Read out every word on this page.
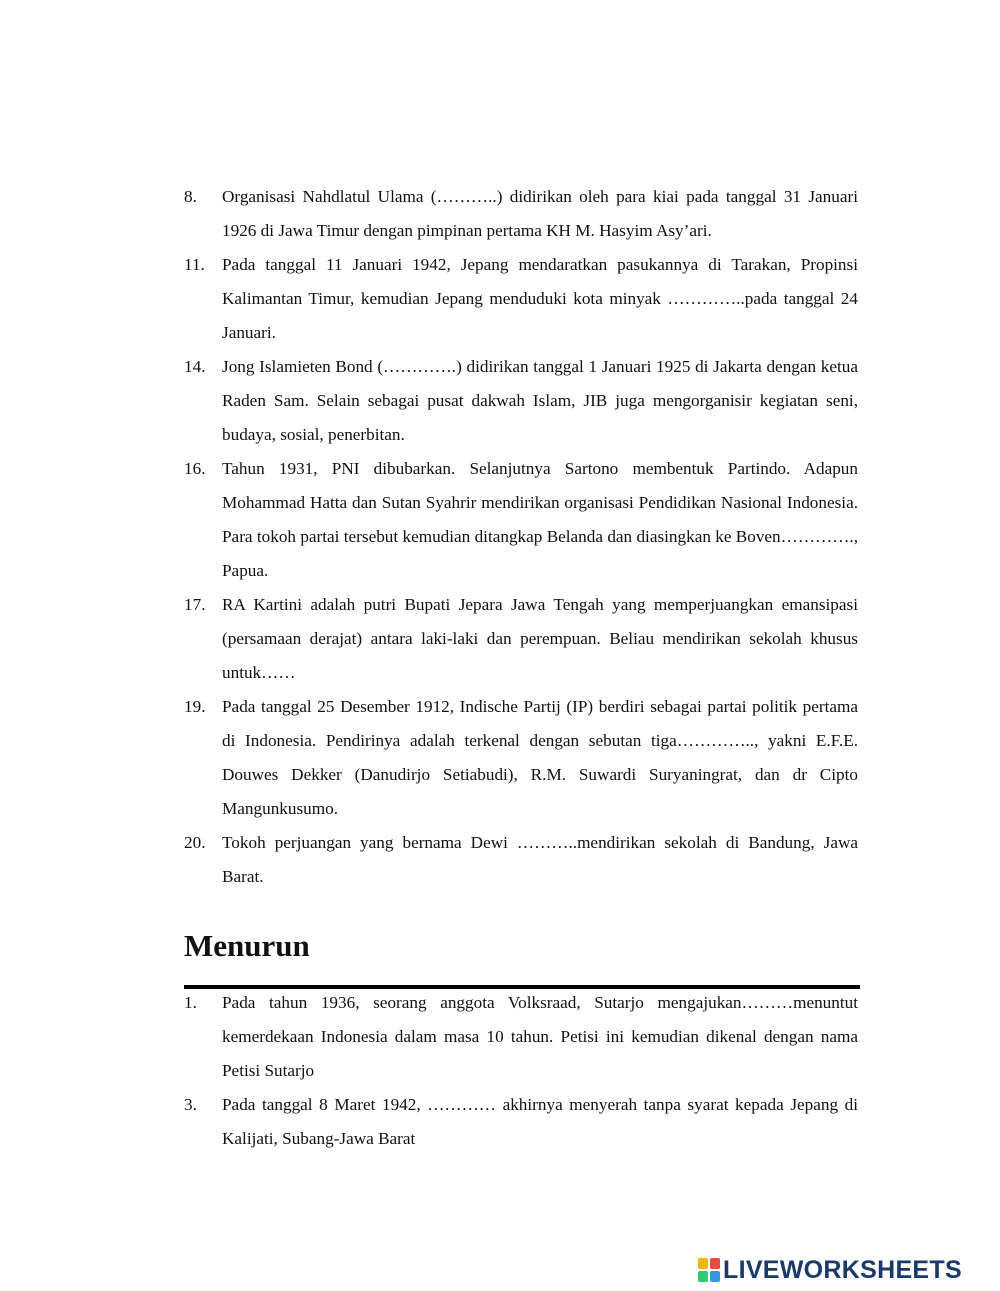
8. Organisasi Nahdlatul Ulama (………..) didirikan oleh para kiai pada tanggal 31 Januari 1926 di Jawa Timur dengan pimpinan pertama KH M. Hasyim Asy’ari.
11. Pada tanggal 11 Januari 1942, Jepang mendaratkan pasukannya di Tarakan, Propinsi Kalimantan Timur, kemudian Jepang menduduki kota minyak …………..pada tanggal 24 Januari.
14. Jong Islamieten Bond (………….) didirikan tanggal 1 Januari 1925 di Jakarta dengan ketua Raden Sam. Selain sebagai pusat dakwah Islam, JIB juga mengorganisir kegiatan seni, budaya, sosial, penerbitan.
16. Tahun 1931, PNI dibubarkan. Selanjutnya Sartono membentuk Partindo. Adapun Mohammad Hatta dan Sutan Syahrir mendirikan organisasi Pendidikan Nasional Indonesia. Para tokoh partai tersebut kemudian ditangkap Belanda dan diasingkan ke Boven…………., Papua.
17. RA Kartini adalah putri Bupati Jepara Jawa Tengah yang memperjuangkan emansipasi (persamaan derajat) antara laki-laki dan perempuan. Beliau mendirikan sekolah khusus untuk……
19. Pada tanggal 25 Desember 1912, Indische Partij (IP) berdiri sebagai partai politik pertama di Indonesia. Pendirinya adalah terkenal dengan sebutan tiga………….., yakni E.F.E. Douwes Dekker (Danudirjo Setiabudi), R.M. Suwardi Suryaningrat, dan dr Cipto Mangunkusumo.
20. Tokoh perjuangan yang bernama Dewi ………..mendirikan sekolah di Bandung, Jawa Barat.
Menurun
1. Pada tahun 1936, seorang anggota Volksraad, Sutarjo mengajukan………menuntut kemerdekaan Indonesia dalam masa 10 tahun. Petisi ini kemudian dikenal dengan nama Petisi Sutarjo
3. Pada tanggal 8 Maret 1942, ………… akhirnya menyerah tanpa syarat kepada Jepang di Kalijati, Subang-Jawa Barat
LIVEWORKSHEETS
